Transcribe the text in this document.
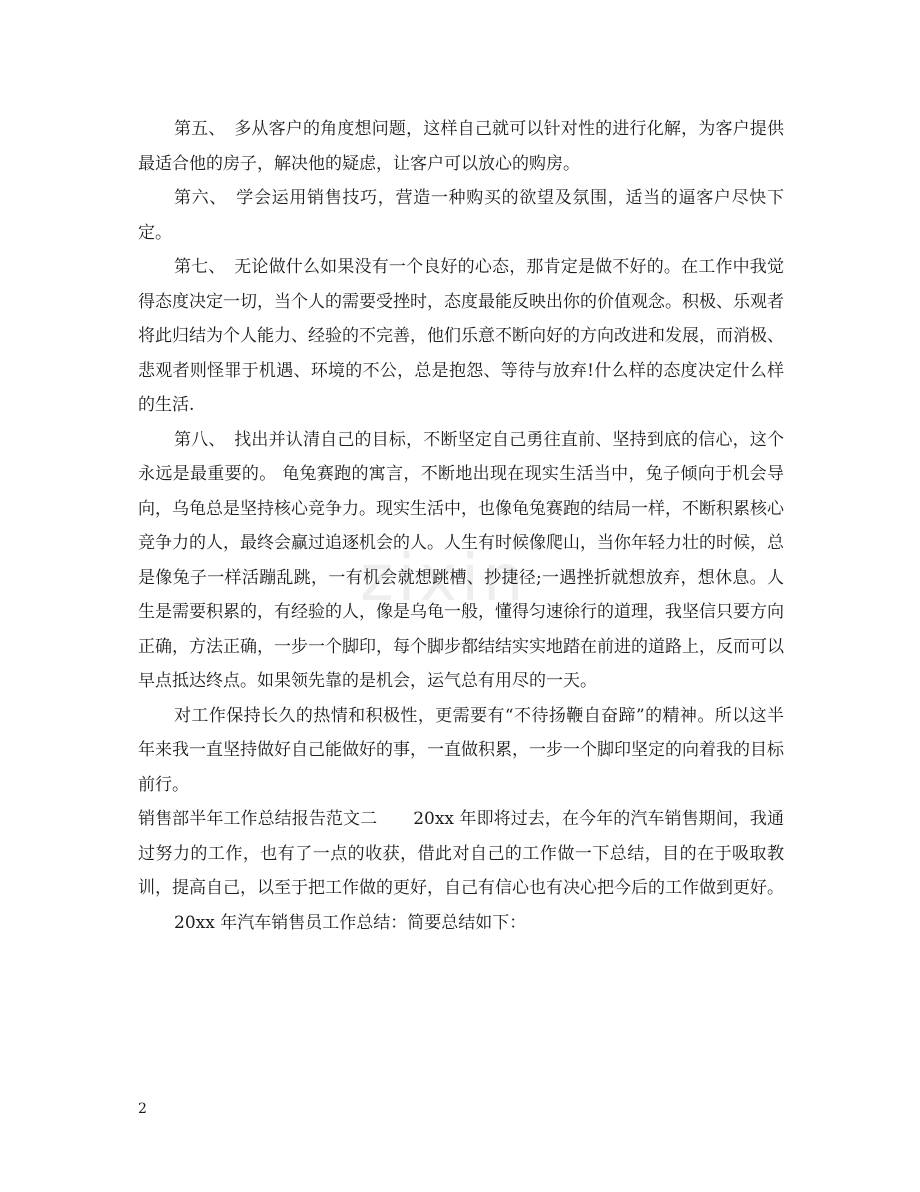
zixin

第五、　多从客户的角度想问题，这样自己就可以针对性的进行化解，为客户提供最适合他的房子，解决他的疑虑，让客户可以放心的购房。

第六、　学会运用销售技巧，营造一种购买的欲望及氛围，适当的逼客户尽快下定。

第七、　无论做什么如果没有一个良好的心态，那肯定是做不好的。在工作中我觉得态度决定一切，当个人的需要受挫时，态度最能反映出你的价值观念。积极、乐观者将此归结为个人能力、经验的不完善，他们乐意不断向好的方向改进和发展，而消极、悲观者则怪罪于机遇、环境的不公，总是抱怨、等待与放弃!什么样的态度决定什么样的生活.

第八、　找出并认清自己的目标，不断坚定自己勇往直前、坚持到底的信心，这个永远是最重要的。 龟兔赛跑的寓言，不断地出现在现实生活当中，兔子倾向于机会导向，乌龟总是坚持核心竞争力。现实生活中，也像龟兔赛跑的结局一样，不断积累核心竞争力的人，最终会赢过追逐机会的人。人生有时候像爬山，当你年轻力壮的时候，总是像兔子一样活蹦乱跳，一有机会就想跳槽、抄捷径;一遇挫折就想放弃，想休息。人生是需要积累的，有经验的人，像是乌龟一般，懂得匀速徐行的道理，我坚信只要方向正确，方法正确，一步一个脚印，每个脚步都结结实实地踏在前进的道路上，反而可以早点抵达终点。如果领先靠的是机会，运气总有用尽的一天。

对工作保持长久的热情和积极性，更需要有“不待扬鞭自奋蹄”的精神。所以这半年来我一直坚持做好自己能做好的事，一直做积累，一步一个脚印坚定的向着我的目标前行。

销售部半年工作总结报告范文二 20xx 年即将过去，在今年的汽车销售期间，我通过努力的工作，也有了一点的收获，借此对自己的工作做一下总结，目的在于吸取教训，提高自己，以至于把工作做的更好，自己有信心也有决心把今后的工作做到更好。

20xx 年汽车销售员工作总结：简要总结如下：

2
